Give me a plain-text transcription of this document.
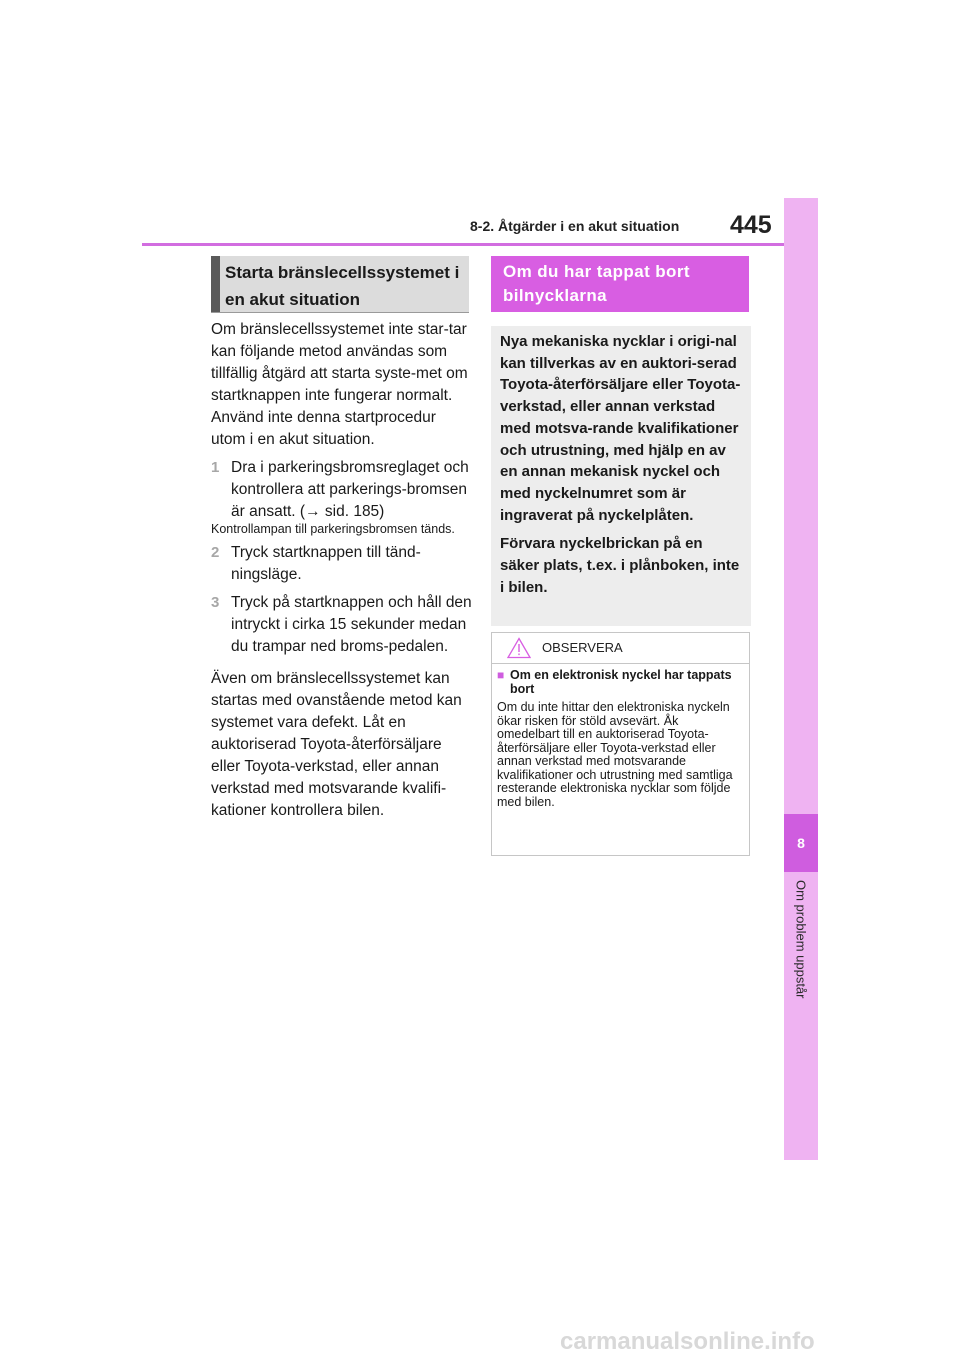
8-2. Åtgärder i en akut situation	445
8
Om problem uppstår
Starta bränslecellssystemet i en akut situation

Om bränslecellssystemet inte star-tar kan följande metod användas som tillfällig åtgärd att starta syste-met om startknappen inte fungerar normalt.

Använd inte denna startprocedur utom i en akut situation.

1 Dra i parkeringsbromsreglaget och kontrollera att parkerings-bromsen är ansatt. (→ sid. 185)

Kontrollampan till parkeringsbromsen tänds.

2 Tryck startknappen till tänd-ningsläge.
3 Tryck på startknappen och håll den intryckt i cirka 15 sekunder medan du trampar ned broms-pedalen.

Även om bränslecellssystemet kan startas med ovanstående metod kan systemet vara defekt. Låt en auktoriserad Toyota-återförsäljare eller Toyota-verkstad, eller annan verkstad med motsvarande kvalifi-kationer kontrollera bilen.

Om du har tappat bort bilnycklarna

Nya mekaniska nycklar i origi-nal kan tillverkas av en auktori-serad Toyota-återförsäljare eller Toyota-verkstad, eller annan verkstad med motsva-rande kvalifikationer och utrustning, med hjälp en av en annan mekanisk nyckel och med nyckelnumret som är ingraverat på nyckelplåten.

Förvara nyckelbrickan på en säker plats, t.ex. i plånboken, inte i bilen.

OBSERVERA
■ Om en elektronisk nyckel har tappats bort
Om du inte hittar den elektroniska nyckeln ökar risken för stöld avsevärt. Åk omedelbart till en auktoriserad Toyota-återförsäljare eller Toyota-verkstad eller annan verkstad med motsvarande kvalifikationer och utrustning med samtliga resterande elektroniska nycklar som följde med bilen.
carmanualsonline.info
